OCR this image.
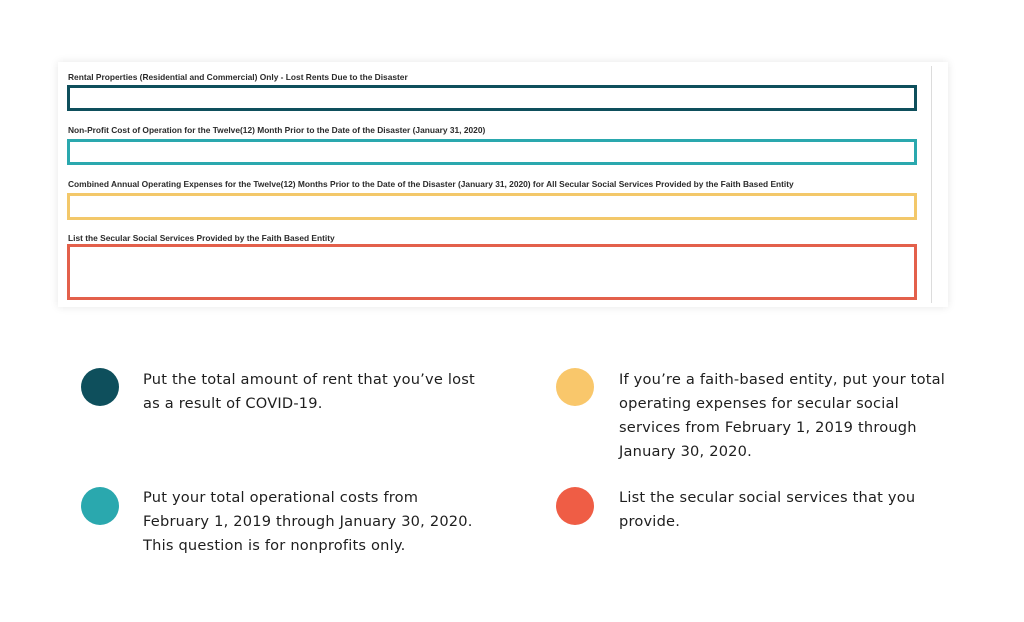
Rental Properties (Residential and Commercial) Only - Lost Rents Due to the Disaster
Non-Profit Cost of Operation for the Twelve(12) Month Prior to the Date of the Disaster (January 31, 2020)
Combined Annual Operating Expenses for the Twelve(12) Months Prior to the Date of the Disaster (January 31, 2020) for All Secular Social Services Provided by the Faith Based Entity
List the Secular Social Services Provided by the Faith Based Entity
Put the total amount of rent that you’ve lost as a result of COVID-19.
Put your total operational costs from February 1, 2019 through January 30, 2020. This question is for nonprofits only.
If you’re a faith-based entity, put your total operating expenses for secular social services from February 1, 2019 through January 30, 2020.
List the secular social services that you provide.
